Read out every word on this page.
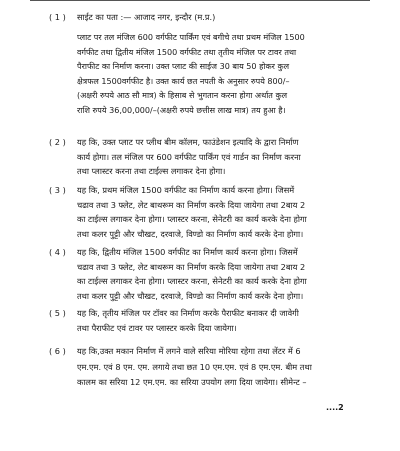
( 1 ) साईट का पता :— आजाद नगर, इन्दौर (म.प्र.)
प्लाट पर तल मंजिल 600 वर्गफीट पार्किंग एवं बगीचे तथा प्रथम मंजिल 1500
वर्गफीट तथा द्वितीय मंजिल 1500 वर्गफीट तथा तृतीय मंजिल पर टावर तथा
पैराफीट का निर्माण करना। उक्त प्लाट की साईज 30 बाय 50 होकर कुल
क्षेत्रफल 1500वर्गफीट है। उक्त कार्य छत नपती के अनुसार रुपये 800/–
(अक्षरी रुपये आठ सौ मात्र) के हिसाब से भुगतान करना होगा अर्थात कुल
राशि रुपये 36,00,000/–(अक्षरी रुपये छत्तीस लाख मात्र) तय हुआ है।
( 2 ) यह कि, उक्त प्लाट पर प्लीथ बीम कॉलम, फाउंडेशन इत्यादि के द्वारा निर्माण
कार्य होगा। तल मंजिल पर 600 वर्गफीट पार्किंग एवं गार्डन का निर्माण करना
तथा प्लास्टर करना तथा टाईल्स लगाकर देना होगा।
( 3 ) यह कि, प्रथम मंजिल 1500 वर्गफीट का निर्माण कार्य करना होगा। जिसमें
चढाव तथा 3 फ्लेट, लेट बाथरूम का निर्माण करके दिया जायेगा तथा 2बाय 2
का टाईल्स लगाकर देना होगा। प्लास्टर करना, सेनेटरी का कार्य करके देना होगा
तथा कलर पुट्टी और चौखट, दरवाजे, विण्डो का निर्माण कार्य करके देना होगा।
( 4 ) यह कि, द्वितीय मंजिल 1500 वर्गफीट का निर्माण कार्य करना होगा। जिसमें
चढाव तथा 3 फ्लेट, लेट बाथरूम का निर्माण करके दिया जायेगा तथा 2बाय 2
का टाईल्स लगाकर देना होगा। प्लास्टर करना, सेनेटरी का कार्य करके देना होगा
तथा कलर पुट्टी और चौखट, दरवाजे, विण्डो का निर्माण कार्य करके देना होगा।
( 5 ) यह कि, तृतीय मंजिल पर टॉवर का निर्माण करके पैराफीट बनाकर दी जावेगी
तथा पैराफीट एवं टावर पर प्लास्टर करके दिया जायेगा।
( 6 ) यह कि,उक्त मकान निर्माण में लगने वाले सरिया मोरिया रहेगा तथा लेंटर में 6
एम.एम. एवं 8 एम. एम. लगाये तथा छत 10 एम.एम. एवं 8 एम.एम. बीम तथा
कालम का सरिया 12 एम.एम. का सरिया उपयोग लगा दिया जायेगा। सीमेन्ट –
....2
